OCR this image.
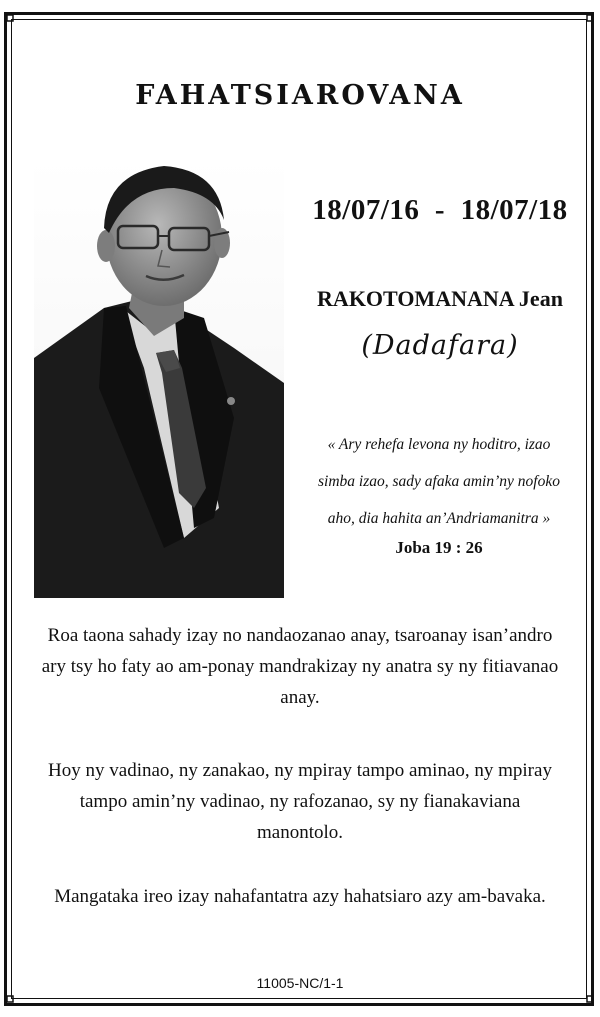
FAHATSIAROVANA
18/07/16  -  18/07/18
RAKOTOMANANA Jean
(Dadafara)
« Ary rehefa levona ny hoditro, izao
simba izao, sady afaka amin’ny nofoko
aho, dia hahita an’Andriamanitra »
Joba 19 : 26
Roa taona sahady izay no nandaozanao anay, tsaroanay isan’andro ary tsy ho faty ao am-ponay mandrakizay ny anatra sy ny fitiavanao anay.
Hoy ny vadinao, ny zanakao, ny mpiray tampo aminao, ny mpiray tampo amin’ny vadinao, ny rafozanao, sy ny fianakaviana manontolo.
Mangataka ireo izay nahafantatra azy hahatsiaro azy am-bavaka.
11005-NC/1-1
